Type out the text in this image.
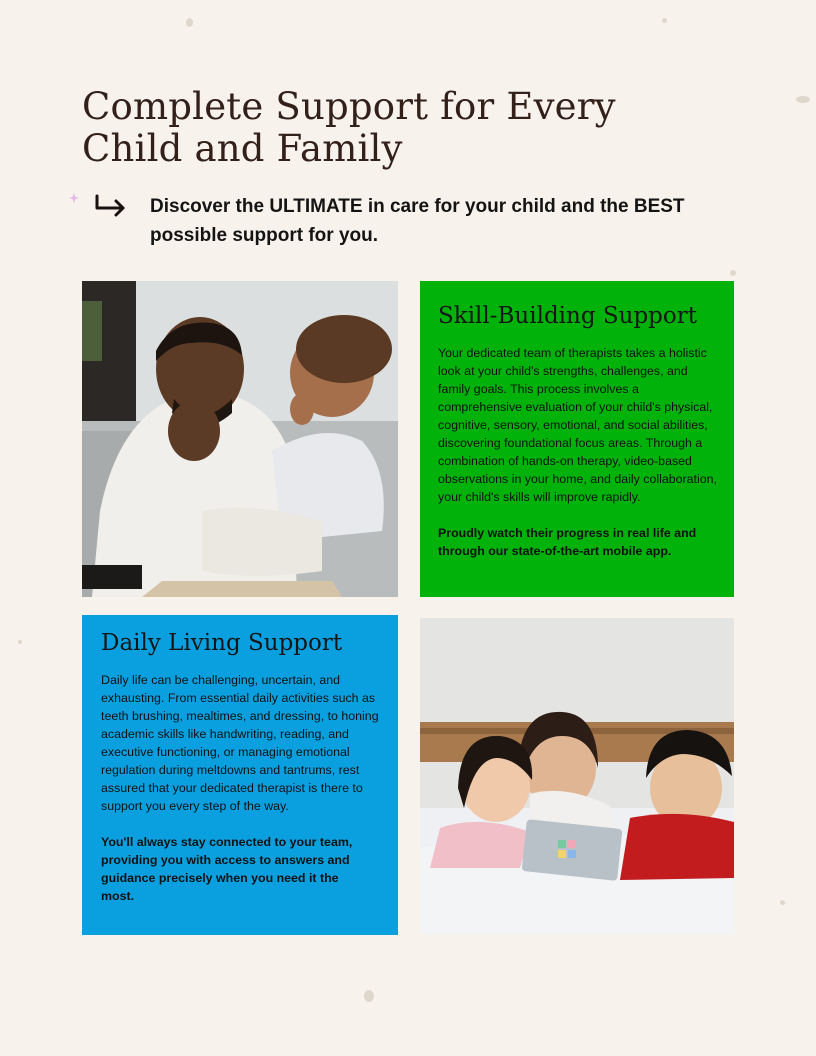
Complete Support for Every
Child and Family

Discover the ULTIMATE in care for your child and the BEST possible support for you.

Skill-Building Support

Your dedicated team of therapists takes a holistic look at your child's strengths, challenges, and family goals. This process involves a comprehensive evaluation of your child's physical, cognitive, sensory, emotional, and social abilities, discovering foundational focus areas. Through a combination of hands-on therapy, video-based observations in your home, and daily collaboration, your child's skills will improve rapidly.

Proudly watch their progress in real life and through our state-of-the-art mobile app.

Daily Living Support

Daily life can be challenging, uncertain, and exhausting. From essential daily activities such as teeth brushing, mealtimes, and dressing, to honing academic skills like handwriting, reading, and executive functioning, or managing emotional regulation during meltdowns and tantrums, rest assured that your dedicated therapist is there to support you every step of the way.

You'll always stay connected to your team, providing you with access to answers and guidance precisely when you need it the most.
